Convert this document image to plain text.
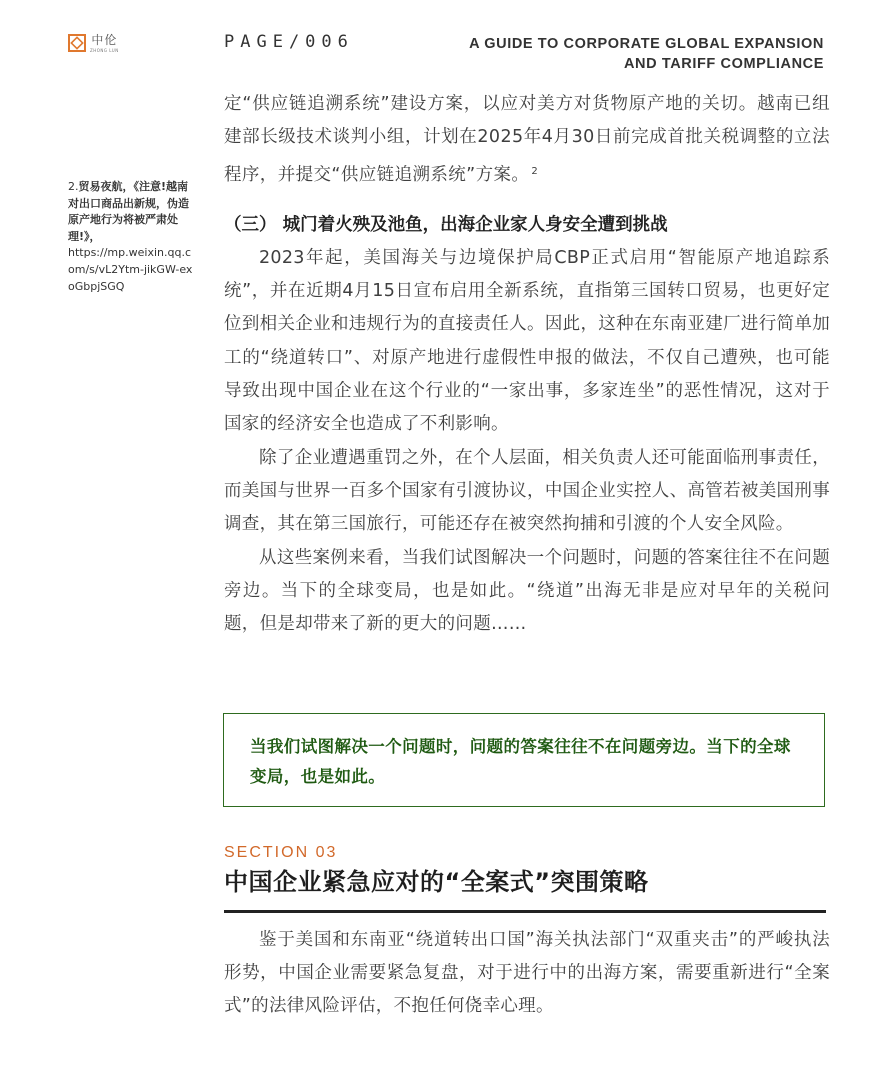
中伦
ZHONG LUN	PAGE/006	A GUIDE TO CORPORATE GLOBAL EXPANSION
AND TARIFF COMPLIANCE
2.贸易夜航，《注意!越南对出口商品出新规，伪造原产地行为将被严肃处理!》，
https://mp.weixin.qq.com/s/vL2Ytm-jikGW-exoGbpjSGQ

定“供应链追溯系统”建设方案，以应对美方对货物原产地的关切。越南已组建部长级技术谈判小组，计划在2025年4月30日前完成首批关税调整的立法程序，并提交“供应链追溯系统”方案。 $^2$

（三） 城门着火殃及池鱼，出海企业家人身安全遭到挑战

2023年起，美国海关与边境保护局CBP正式启用“智能原产地追踪系统”，并在近期4月15日宣布启用全新系统，直指第三国转口贸易，也更好定位到相关企业和违规行为的直接责任人。因此，这种在东南亚建厂进行简单加工的“绕道转口”、对原产地进行虚假性申报的做法，不仅自己遭殃，也可能导致出现中国企业在这个行业的“一家出事，多家连坐”的恶性情况，这对于国家的经济安全也造成了不利影响。

除了企业遭遇重罚之外，在个人层面，相关负责人还可能面临刑事责任，而美国与世界一百多个国家有引渡协议，中国企业实控人、高管若被美国刑事调查，其在第三国旅行，可能还存在被突然拘捕和引渡的个人安全风险。

从这些案例来看，当我们试图解决一个问题时，问题的答案往往不在问题旁边。当下的全球变局，也是如此。“绕道”出海无非是应对早年的关税问题，但是却带来了新的更大的问题……

当我们试图解决一个问题时，问题的答案往往不在问题旁边。当下的全球变局，也是如此。
SECTION 03
中国企业紧急应对的“全案式”突围策略

鉴于美国和东南亚“绕道转出口国”海关执法部门“双重夹击”的严峻执法形势，中国企业需要紧急复盘，对于进行中的出海方案，需要重新进行“全案式”的法律风险评估，不抱任何侥幸心理。
